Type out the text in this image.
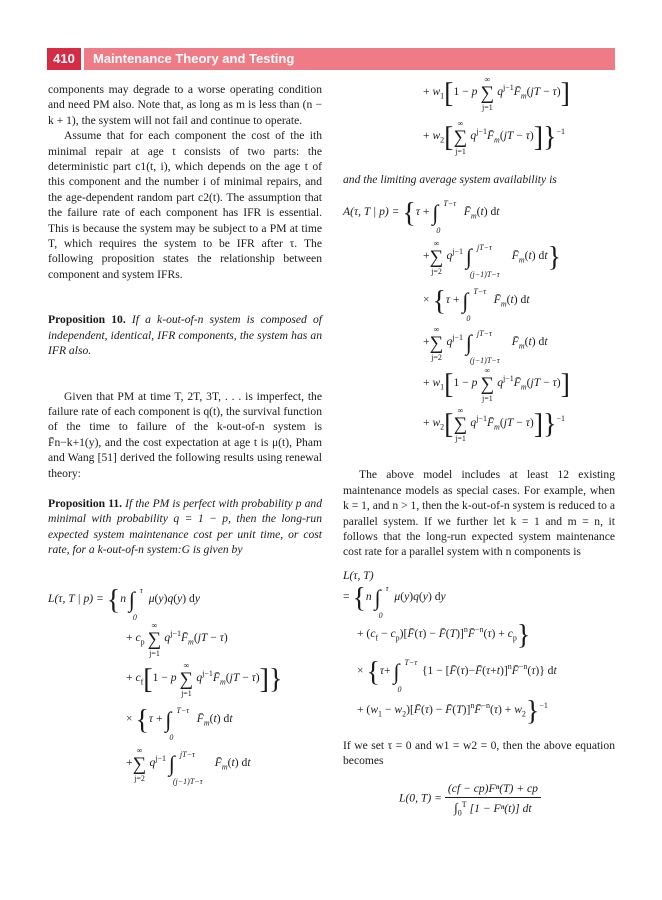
410	Maintenance Theory and Testing

components may degrade to a worse operating condition and need PM also. Note that, as long as m is less than (n − k + 1), the system will not fail and continue to operate.

Assume that for each component the cost of the ith minimal repair at age t consists of two parts: the deterministic part c1(t, i), which depends on the age t of this component and the number i of minimal repairs, and the age-dependent random part c2(t). The assumption that the failure rate of each component has IFR is essential. This is because the system may be subject to a PM at time T, which requires the system to be IFR after τ. The following proposition states the relationship between component and system IFRs.

Proposition 10. If a k-out-of-n system is composed of independent, identical, IFR components, the system has an IFR also.

Given that PM at time T, 2T, 3T, . . . is imperfect, the failure rate of each component is q(t), the survival function of the time to failure of the k-out-of-n system is F̄n−k+1(y), and the cost expectation at age t is μ(t), Pham and Wang [51] derived the following results using renewal theory:

Proposition 11. If the PM is perfect with probability p and minimal with probability q = 1 − p, then the long-run expected system maintenance cost per unit time, or cost rate, for a k-out-of-n system:G is given by

L(τ, T | p) = {n ∫ τ
0
μ(y)q(y) dy
+ $c_p$
∞
∑
j=1
$q^{j-1}F̄_m(jT - \tau)$
+ $c_f[1 - p$
∞
∑
j=1
$q^{j-1}F̄_m(jT - \tau)$]}
× {τ + ∫ T−τ
0
$F̄_m(t)$ dt
+
∞
∑
j=2
$q^{j-1}$ ∫ jT−τ
(j−1)T−τ
$F̄_m(t)$ dt
+ $w_1[1 - p$
∞
∑
j=1
$q^{j-1}F̄_m(jT - \tau)$]
+ $w_2$[ ∞
∑
j=1
$q^{j-1}F̄_m(jT - \tau)]\}^{-1}$

and the limiting average system availability is

A(τ, T | p) = {τ + ∫ T−τ
0
$F̄_m(t)$ dt
+
∞
∑
j=2
$q^{j-1}$ ∫ jT−τ
(j−1)T−τ
$F̄_m(t)$ dt}
× {τ + ∫ T−τ
0
$F̄_m(t)$ dt
+
∞
∑
j=2
$q^{j-1}$ ∫ jT−τ
(j−1)T−τ
$F̄_m(t)$ dt
+ $w_1[1 - p$
∞
∑
j=1
$q^{j-1}F̄_m(jT - \tau)$]
+ $w_2$[ ∞
∑
j=1
$q^{j-1}F̄_m(jT - \tau)]\}^{-1}$

The above model includes at least 12 existing maintenance models as special cases. For example, when k = 1, and n > 1, then the k-out-of-n system is reduced to a parallel system. If we further let k = 1 and m = n, it follows that the long-run expected system maintenance cost rate for a parallel system with n components is

L(τ, T)
= {n ∫ τ
0
μ(y)q(y) dy
+ ($c_f$ − $c_p)[F̄(\tau)$ − F̄(T)]$^n$F̄$^{-n}$(τ) + $c_p$}
× {τ+ ∫ T−τ
0
{1 − [F̄(τ)−F̄(τ+t)]$^n$F̄$^{-n}$(τ)} dt
+ ($w_1$ − $w_2)[F̄(\tau)$ − F̄(T)]$^n$F̄$^{-n}$(τ) + $w_2\}^{-1}$

If we set τ = 0 and w1 = w2 = 0, then the above equation becomes

L(0, $T) = \frac{\text{(cf − cp)Fⁿ(T) + cp}}{\int_0^T [1 - F^n(t)] dt}$
